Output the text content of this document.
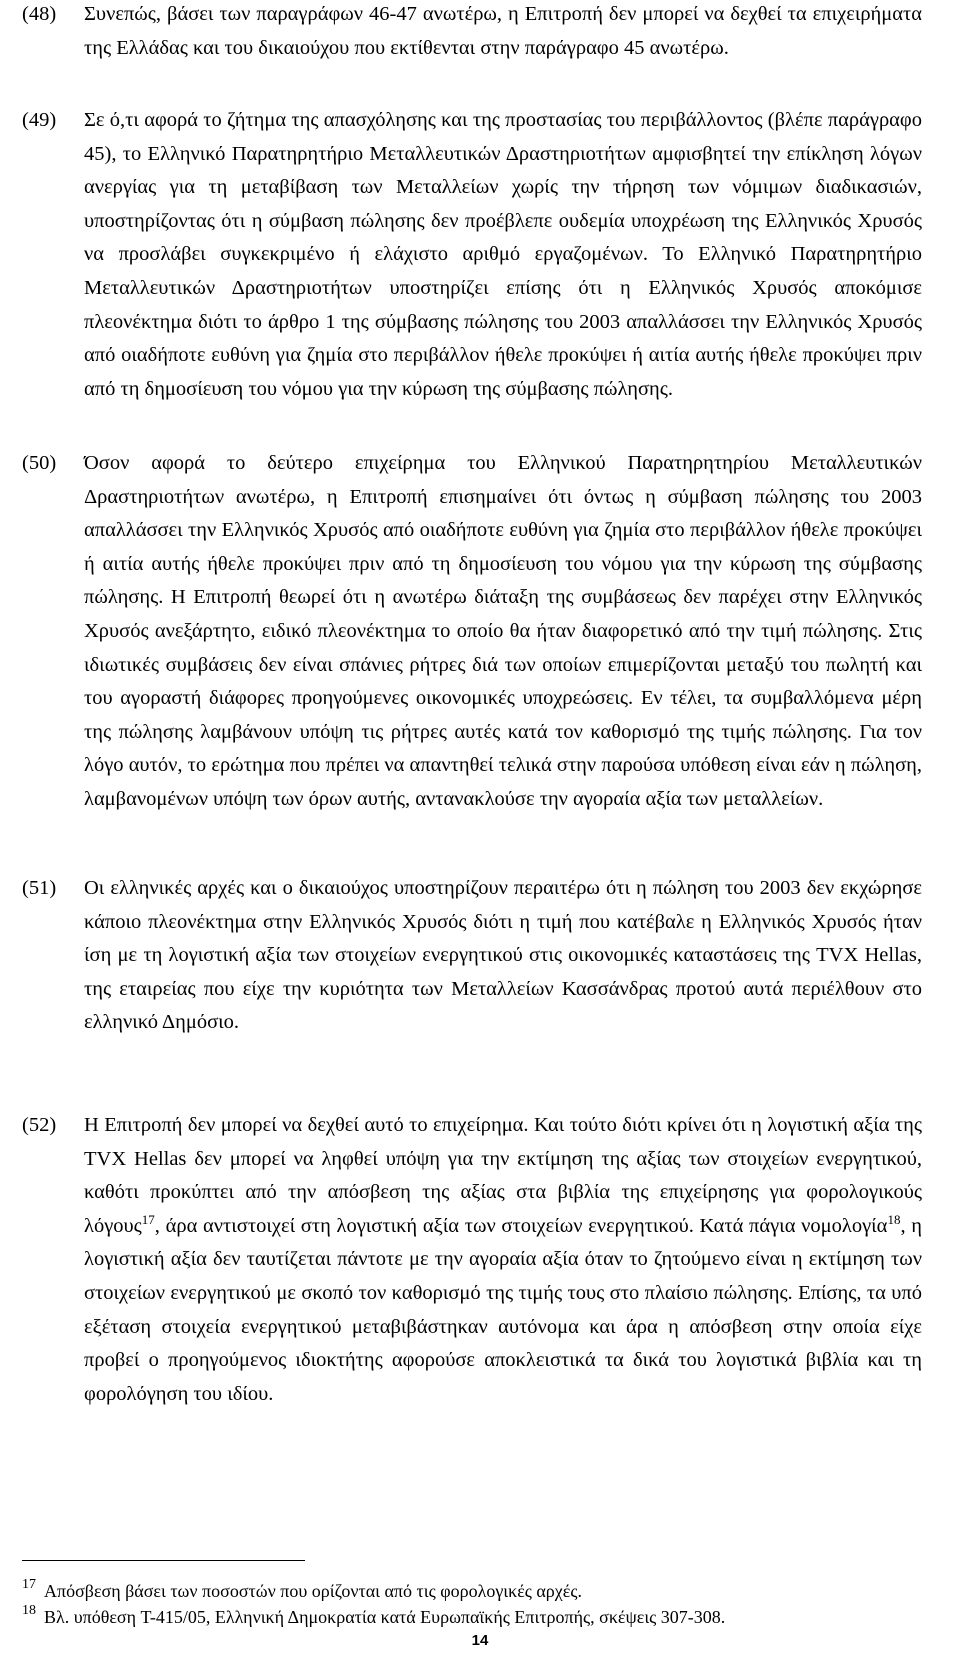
(48)	Συνεπώς, βάσει των παραγράφων 46-47 ανωτέρω, η Επιτροπή δεν μπορεί να δεχθεί τα επιχειρήματα της Ελλάδας και του δικαιούχου που εκτίθενται στην παράγραφο 45 ανωτέρω.
(49)	Σε ό,τι αφορά το ζήτημα της απασχόλησης και της προστασίας του περιβάλλοντος (βλέπε παράγραφο 45), το Ελληνικό Παρατηρητήριο Μεταλλευτικών Δραστηριοτήτων αμφισβητεί την επίκληση λόγων ανεργίας για τη μεταβίβαση των Μεταλλείων χωρίς την τήρηση των νόμιμων διαδικασιών, υποστηρίζοντας ότι η σύμβαση πώλησης δεν προέβλεπε ουδεμία υποχρέωση της Ελληνικός Χρυσός να προσλάβει συγκεκριμένο ή ελάχιστο αριθμό εργαζομένων. Το Ελληνικό Παρατηρητήριο Μεταλλευτικών Δραστηριοτήτων υποστηρίζει επίσης ότι η Ελληνικός Χρυσός αποκόμισε πλεονέκτημα διότι το άρθρο 1 της σύμβασης πώλησης του 2003 απαλλάσσει την Ελληνικός Χρυσός από οιαδήποτε ευθύνη για ζημία στο περιβάλλον ήθελε προκύψει ή αιτία αυτής ήθελε προκύψει πριν από τη δημοσίευση του νόμου για την κύρωση της σύμβασης πώλησης.
(50)	Όσον αφορά το δεύτερο επιχείρημα του Ελληνικού Παρατηρητηρίου Μεταλλευτικών Δραστηριοτήτων ανωτέρω, η Επιτροπή επισημαίνει ότι όντως η σύμβαση πώλησης του 2003 απαλλάσσει την Ελληνικός Χρυσός από οιαδήποτε ευθύνη για ζημία στο περιβάλλον ήθελε προκύψει ή αιτία αυτής ήθελε προκύψει πριν από τη δημοσίευση του νόμου για την κύρωση της σύμβασης πώλησης. Η Επιτροπή θεωρεί ότι η ανωτέρω διάταξη της συμβάσεως δεν παρέχει στην Ελληνικός Χρυσός ανεξάρτητο, ειδικό πλεονέκτημα το οποίο θα ήταν διαφορετικό από την τιμή πώλησης. Στις ιδιωτικές συμβάσεις δεν είναι σπάνιες ρήτρες διά των οποίων επιμερίζονται μεταξύ του πωλητή και του αγοραστή διάφορες προηγούμενες οικονομικές υποχρεώσεις. Εν τέλει, τα συμβαλλόμενα μέρη της πώλησης λαμβάνουν υπόψη τις ρήτρες αυτές κατά τον καθορισμό της τιμής πώλησης. Για τον λόγο αυτόν, το ερώτημα που πρέπει να απαντηθεί τελικά στην παρούσα υπόθεση είναι εάν η πώληση, λαμβανομένων υπόψη των όρων αυτής, αντανακλούσε την αγοραία αξία των μεταλλείων.
(51)	Οι ελληνικές αρχές και ο δικαιούχος υποστηρίζουν περαιτέρω ότι η πώληση του 2003 δεν εκχώρησε κάποιο πλεονέκτημα στην Ελληνικός Χρυσός διότι η τιμή που κατέβαλε η Ελληνικός Χρυσός ήταν ίση με τη λογιστική αξία των στοιχείων ενεργητικού στις οικονομικές καταστάσεις της TVX Hellas, της εταιρείας που είχε την κυριότητα των Μεταλλείων Κασσάνδρας προτού αυτά περιέλθουν στο ελληνικό Δημόσιο.
(52)	Η Επιτροπή δεν μπορεί να δεχθεί αυτό το επιχείρημα. Και τούτο διότι κρίνει ότι η λογιστική αξία της TVX Hellas δεν μπορεί να ληφθεί υπόψη για την εκτίμηση της αξίας των στοιχείων ενεργητικού, καθότι προκύπτει από την απόσβεση της αξίας στα βιβλία της επιχείρησης για φορολογικούς λόγους$^{17}$, άρα αντιστοιχεί στη λογιστική αξία των στοιχείων ενεργητικού. Κατά πάγια νομολογία$^{18}$, η λογιστική αξία δεν ταυτίζεται πάντοτε με την αγοραία αξία όταν το ζητούμενο είναι η εκτίμηση των στοιχείων ενεργητικού με σκοπό τον καθορισμό της τιμής τους στο πλαίσιο πώλησης. Επίσης, τα υπό εξέταση στοιχεία ενεργητικού μεταβιβάστηκαν αυτόνομα και άρα η απόσβεση στην οποία είχε προβεί ο προηγούμενος ιδιοκτήτης αφορούσε αποκλειστικά τα δικά του λογιστικά βιβλία και τη φορολόγηση του ιδίου.
17 Απόσβεση βάσει των ποσοστών που ορίζονται από τις φορολογικές αρχές.
18 Βλ. υπόθεση T-415/05, Ελληνική Δημοκρατία κατά Ευρωπαϊκής Επιτροπής, σκέψεις 307-308.
14
